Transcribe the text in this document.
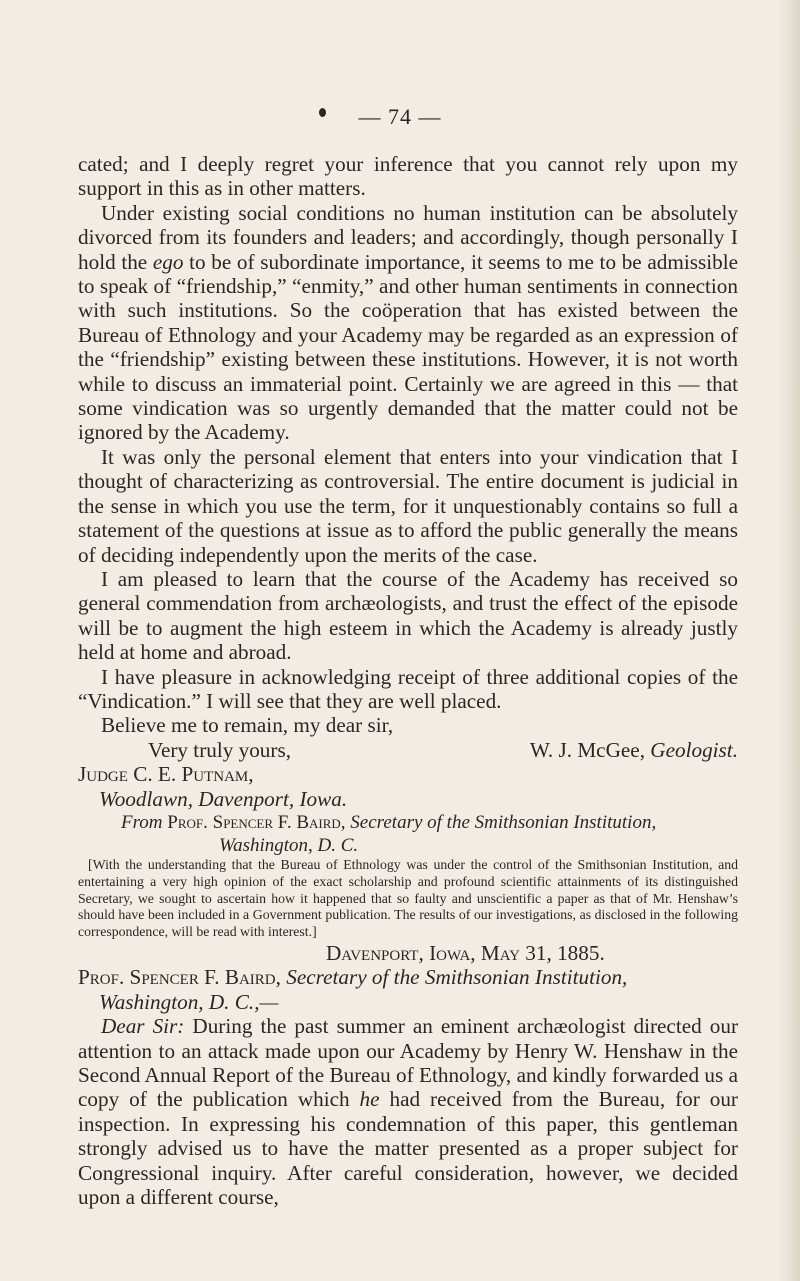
— 74 —

cated; and I deeply regret your inference that you cannot rely upon my support in this as in other matters.

Under existing social conditions no human institution can be absolutely divorced from its founders and leaders; and accordingly, though personally I hold the ego to be of subordinate importance, it seems to me to be admissible to speak of “friendship,” “enmity,” and other human sentiments in connection with such institutions. So the coöperation that has existed between the Bureau of Ethnology and your Academy may be regarded as an expression of the “friendship” existing between these institutions. However, it is not worth while to discuss an immaterial point. Certainly we are agreed in this — that some vindication was so urgently demanded that the matter could not be ignored by the Academy.

It was only the personal element that enters into your vindication that I thought of characterizing as controversial. The entire document is judicial in the sense in which you use the term, for it unquestionably contains so full a statement of the questions at issue as to afford the public generally the means of deciding independently upon the merits of the case.

I am pleased to learn that the course of the Academy has received so general commendation from archæologists, and trust the effect of the episode will be to augment the high esteem in which the Academy is already justly held at home and abroad.

I have pleasure in acknowledging receipt of three additional copies of the “Vindication.” I will see that they are well placed.

Believe me to remain, my dear sir,

Very truly yours,	W. J. McGee, Geologist.

Judge C. E. Putnam,

Woodlawn, Davenport, Iowa.

From Prof. Spencer F. Baird, Secretary of the Smithsonian Institution,

Washington, D. C.

[With the understanding that the Bureau of Ethnology was under the control of the Smithsonian Institution, and entertaining a very high opinion of the exact scholarship and profound scientific attainments of its distinguished Secretary, we sought to ascertain how it happened that so faulty and unscientific a paper as that of Mr. Henshaw’s should have been included in a Government publication. The results of our investigations, as disclosed in the following correspondence, will be read with interest.]

Davenport, Iowa, May 31, 1885.

Prof. Spencer F. Baird, Secretary of the Smithsonian Institution,

Washington, D. C.,—

Dear Sir: During the past summer an eminent archæologist directed our attention to an attack made upon our Academy by Henry W. Henshaw in the Second Annual Report of the Bureau of Ethnology, and kindly forwarded us a copy of the publication which he had received from the Bureau, for our inspection. In expressing his condemnation of this paper, this gentleman strongly advised us to have the matter presented as a proper subject for Congressional inquiry. After careful consideration, however, we decided upon a different course,
